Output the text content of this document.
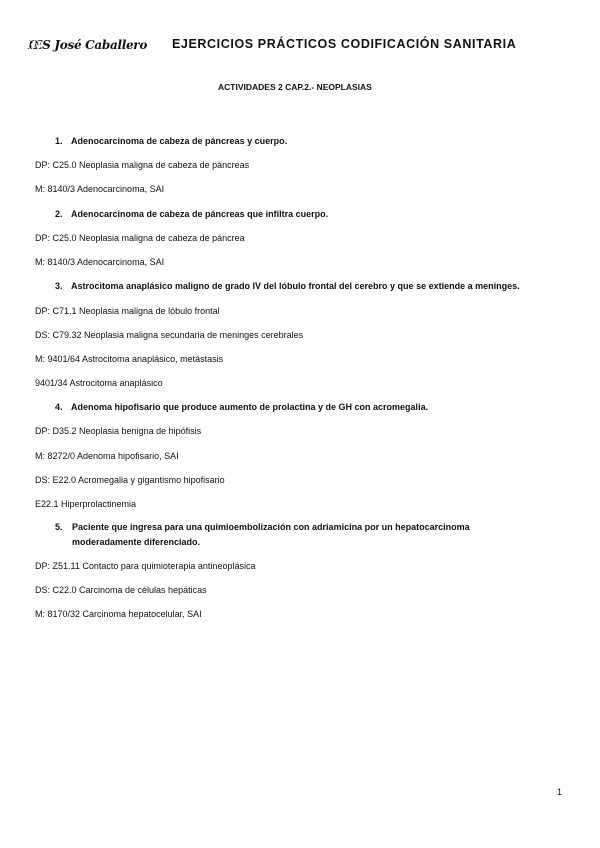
IES José Caballero EJERCICIOS PRÁCTICOS CODIFICACIÓN SANITARIA
ACTIVIDADES 2 CAP.2.- NEOPLASIAS
1. Adenocarcinoma de cabeza de páncreas y cuerpo.
DP: C25.0 Neoplasia maligna de cabeza de páncreas
M: 8140/3 Adenocarcinoma, SAI
2. Adenocarcinoma de cabeza de páncreas que infiltra cuerpo.
DP: C25.0 Neoplasia maligna de cabeza de páncrea
M: 8140/3 Adenocarcinoma, SAI
3. Astrocitoma anaplásico maligno de grado IV del lóbulo frontal del cerebro y que se extiende a meninges.
DP: C71.1 Neoplasia maligna de lóbulo frontal
DS: C79.32 Neoplasia maligna secundaria de meninges cerebrales
M: 9401/64 Astrocitoma anaplásico, metástasis
9401/34 Astrocitoma anaplásico
4. Adenoma hipofisario que produce aumento de prolactina y de GH con acromegalia.
DP: D35.2 Neoplasia benigna de hipófisis
M: 8272/0 Adenoma hipofisario, SAI
DS: E22.0 Acromegalia y gigantismo hipofisario
E22.1 Hiperprolactinemia
5.	Paciente que ingresa para una quimioembolización con adriamicina por un hepatocarcinoma moderadamente diferenciado.
DP: Z51.11 Contacto para quimioterapia antineoplásica
DS: C22.0 Carcinoma de células hepáticas
M: 8170/32 Carcinoma hepatocelular, SAI
1
